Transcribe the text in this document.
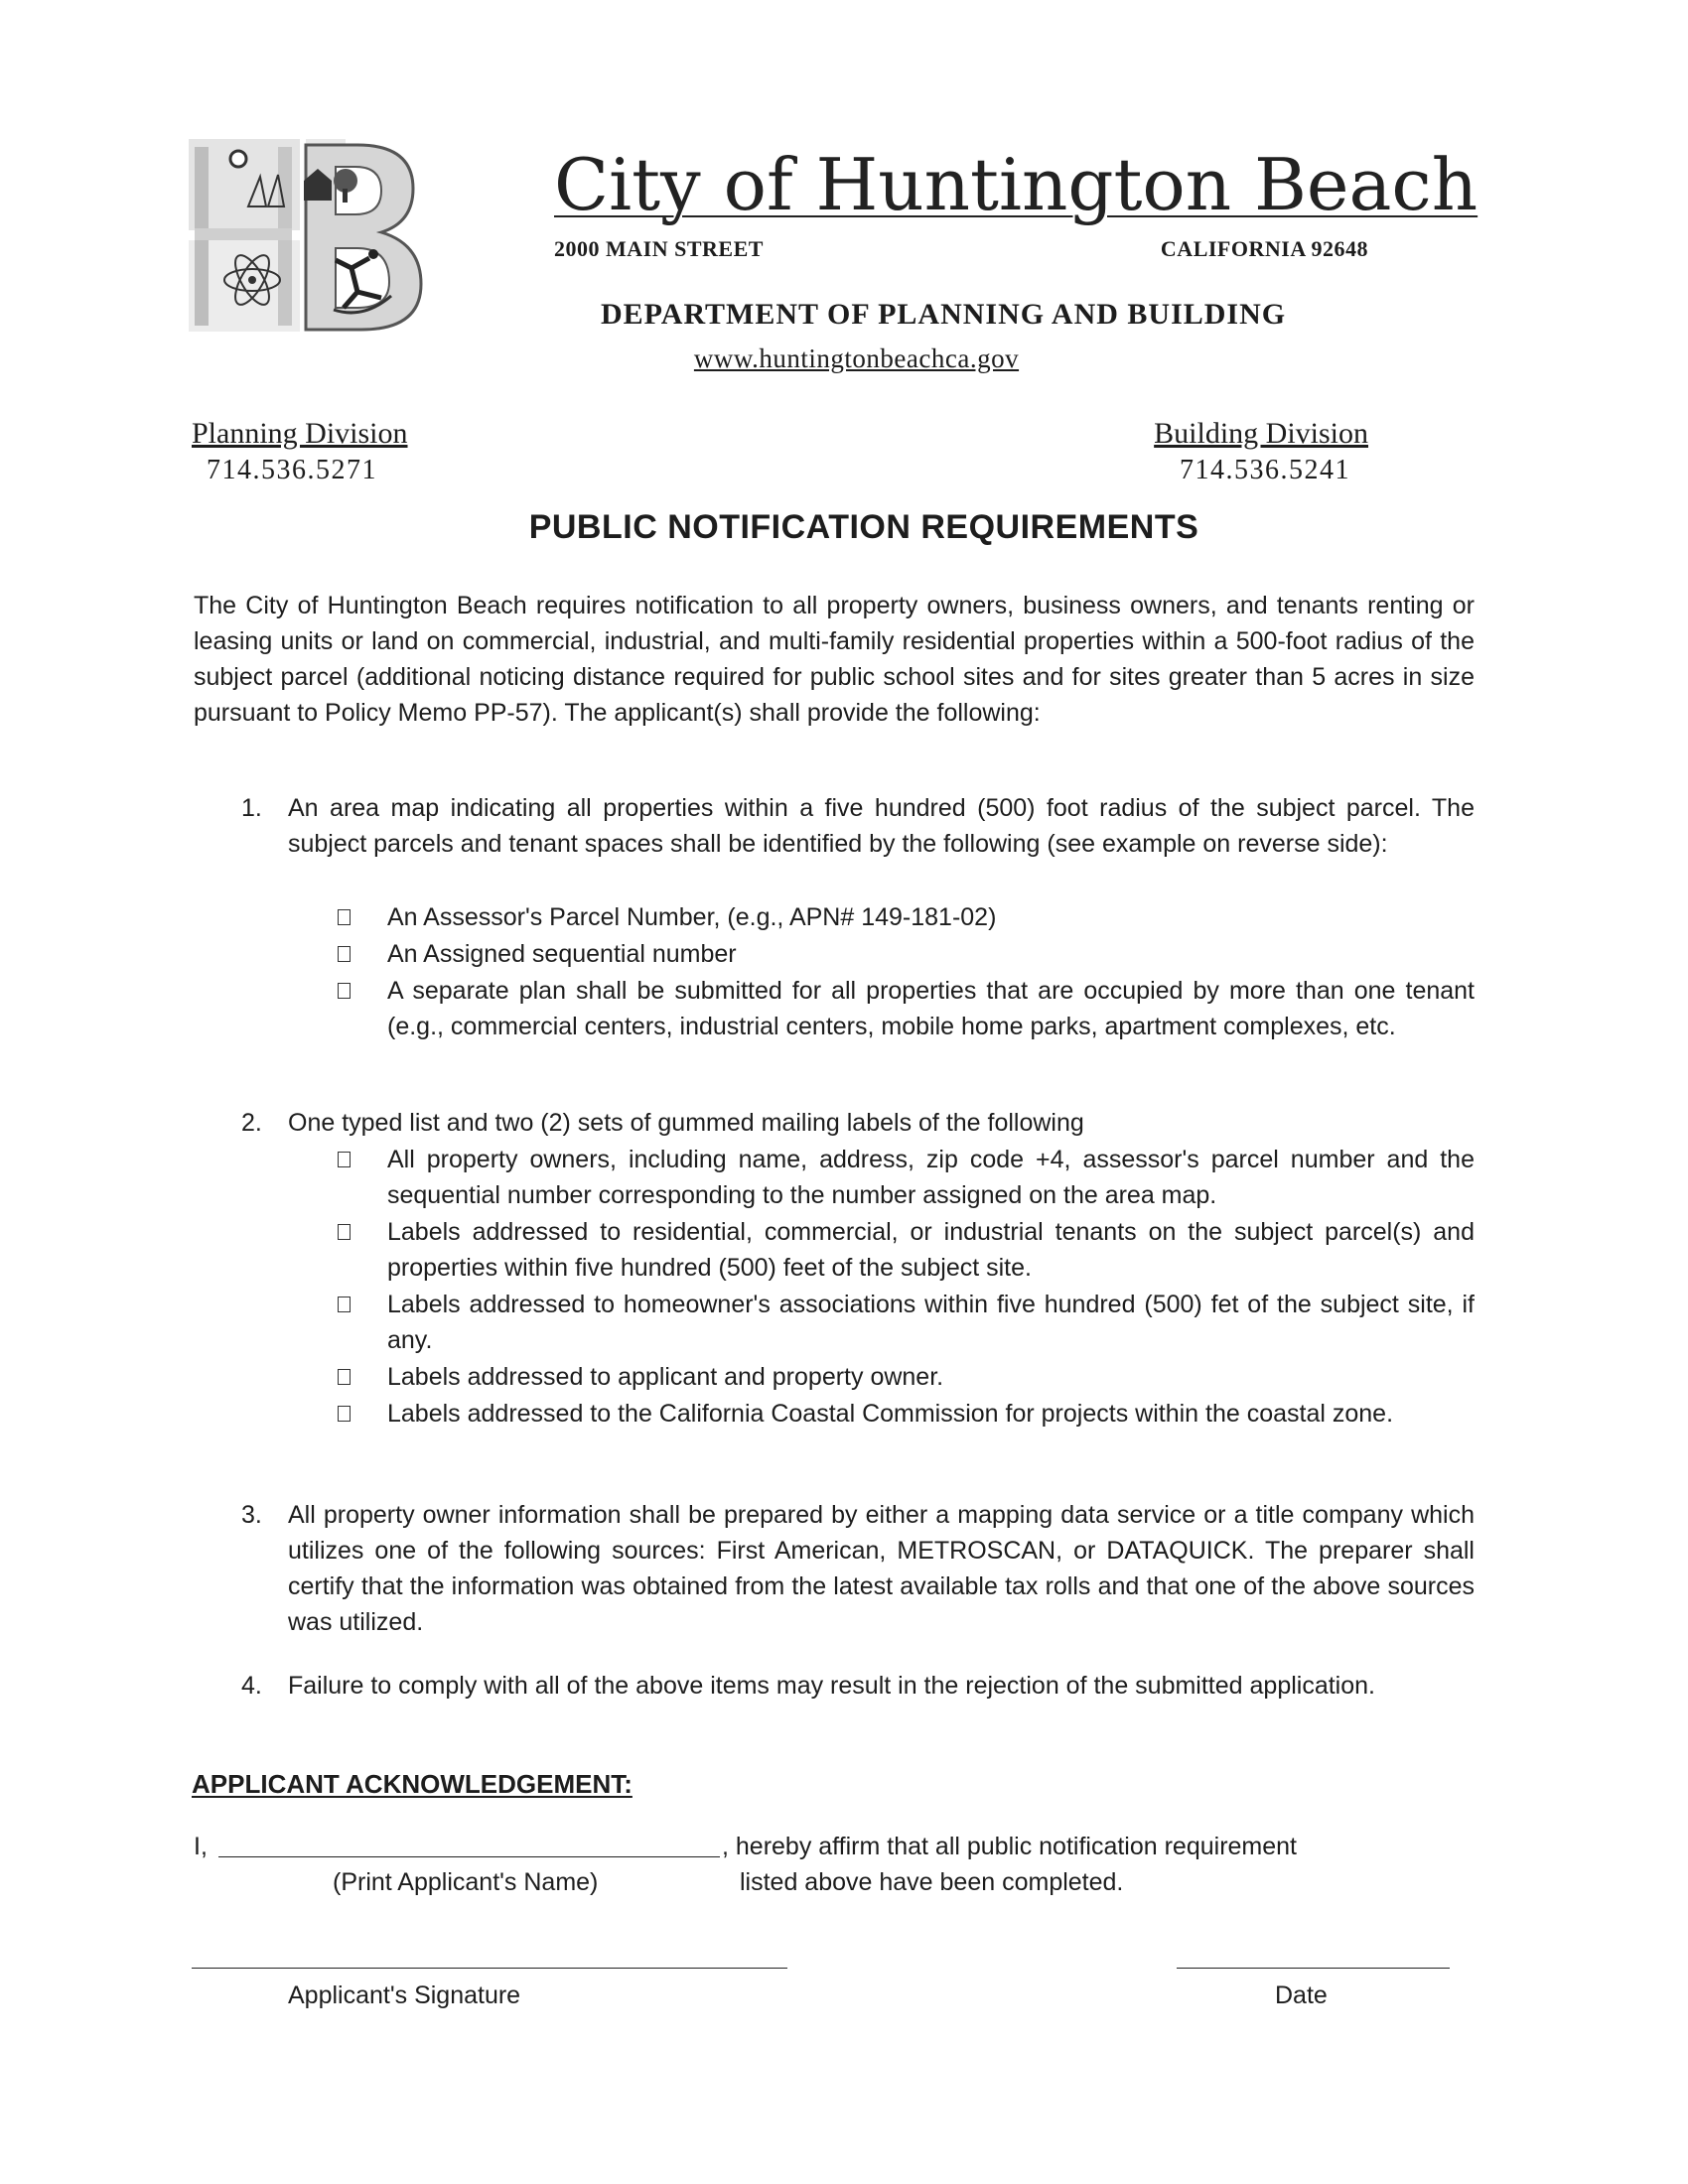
City of Huntington Beach
2000 MAIN STREET	CALIFORNIA 92648
DEPARTMENT OF PLANNING AND BUILDING
www.huntingtonbeachca.gov
Planning Division
714.536.5271
Building Division
714.536.5241
PUBLIC NOTIFICATION REQUIREMENTS
The City of Huntington Beach requires notification to all property owners, business owners, and tenants renting or leasing units or land on commercial, industrial, and multi-family residential properties within a 500-foot radius of the subject parcel (additional noticing distance required for public school sites and for sites greater than 5 acres in size pursuant to Policy Memo PP-57). The applicant(s) shall provide the following:
1. An area map indicating all properties within a five hundred (500) foot radius of the subject parcel. The subject parcels and tenant spaces shall be identified by the following (see example on reverse side):
An Assessor's Parcel Number, (e.g., APN# 149-181-02)
An Assigned sequential number
A separate plan shall be submitted for all properties that are occupied by more than one tenant (e.g., commercial centers, industrial centers, mobile home parks, apartment complexes, etc.
2. One typed list and two (2) sets of gummed mailing labels of the following
All property owners, including name, address, zip code +4, assessor's parcel number and the sequential number corresponding to the number assigned on the area map.
Labels addressed to residential, commercial, or industrial tenants on the subject parcel(s) and properties within five hundred (500) feet of the subject site.
Labels addressed to homeowner's associations within five hundred (500) fet of the subject site, if any.
Labels addressed to applicant and property owner.
Labels addressed to the California Coastal Commission for projects within the coastal zone.
3. All property owner information shall be prepared by either a mapping data service or a title company which utilizes one of the following sources: First American, METROSCAN, or DATAQUICK. The preparer shall certify that the information was obtained from the latest available tax rolls and that one of the above sources was utilized.
4. Failure to comply with all of the above items may result in the rejection of the submitted application.
APPLICANT ACKNOWLEDGEMENT:
I,	, hereby affirm that all public notification requirement
listed above have been completed.
(Print Applicant's Name)
Applicant's Signature	Date
